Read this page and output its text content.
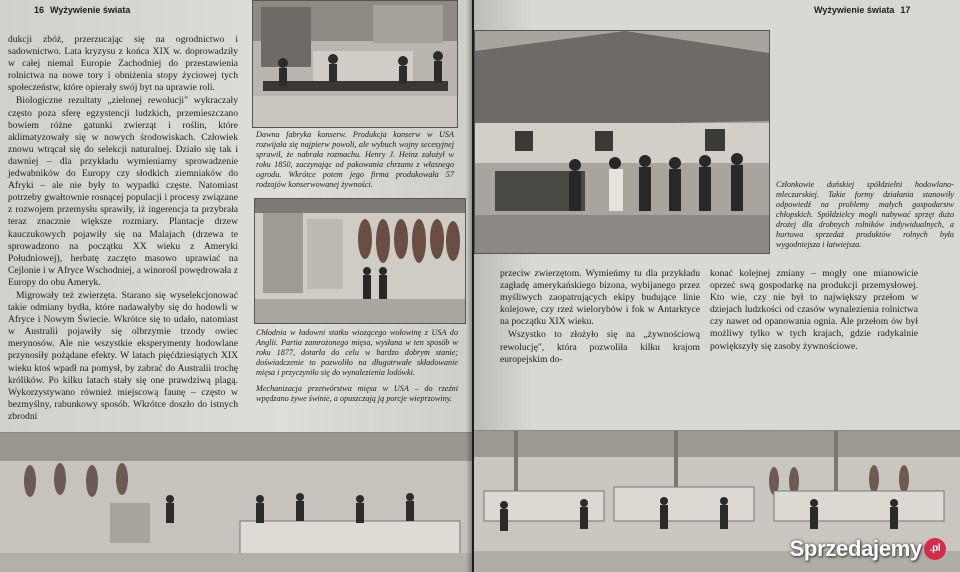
16 Wyżywienie świata

dukcji zbóż, przerzucając się na ogrodnictwo i sadownictwo. Lata kryzysu z końca XIX w. doprowadziły w całej niemal Europie Zachodniej do przestawienia rolnictwa na nowe tory i obniżenia stopy życiowej tych społeczeństw, które opierały swój byt na uprawie roli.

Biologiczne rezultaty „zielonej rewolucji" wykraczały często poza sferę egzystencji ludzkich, przemieszczano bowiem różne gatunki zwierząt i roślin, które aklimatyzowały się w nowych środowiskach. Człowiek znowu wtrącał się do selekcji naturalnej. Działo się tak i dawniej – dla przykładu wymieniamy sprowadzenie jedwabników do Europy czy słodkich ziemniaków do Afryki – ale nie były to wypadki częste. Natomiast potrzeby gwałtownie rosnącej populacji i procesy związane z rozwojem przemysłu sprawiły, iż ingerencja ta przybrała teraz znacznie większe rozmiary. Plantacje drzew kauczukowych pojawiły się na Malajach (drzewa te sprowadzono na początku XX wieku z Ameryki Południowej), herbatę zaczęto masowo uprawiać na Cejlonie i w Afryce Wschodniej, a winorośl powędrowała z Europy do obu Ameryk.

Migrowały też zwierzęta. Starano się wyselekcjonować takie odmiany bydła, które nadawałyby się do hodowli w Afryce i Nowym Świecie. Wkrótce się to udało, natomiast w Australii pojawiły się olbrzymie trzody owiec merynosów. Ale nie wszystkie eksperymenty hodowlane przynosiły pożądane efekty. W latach pięćdziesiątych XIX wieku ktoś wpadł na pomysł, by zabrać do Australii trochę królików. Po kilku latach stały się one prawdziwą plagą. Wykorzystywano również miejscową faunę – często w bezmyślny, rabunkowy sposób. Wkrótce doszło do istnych zbrodni

Dawna fabryka konserw. Produkcja konserw w USA rozwijała się najpierw powoli, ale wybuch wojny secesyjnej sprawił, że nabrała rozmachu. Henry J. Heinz założył w roku 1850, zaczynając od pakowania chrzanu z własnego ogrodu. Wkrótce potem jego firma produkowała 57 rodzajów konserwowanej żywności.
Chłodnia w ładowni statku wiozącego wołowinę z USA do Anglii. Partia zamrożonego mięsa, wysłana w ten sposób w roku 1877, dotarła do celu w bardzo dobrym stanie; doświadczenie to pozwoliło na długotrwałe składowanie mięsa i przyczyniło się do wynalezienia lodówki.
Mechanizacja przetwórstwa mięsa w USA – do rzeźni wpędzano żywe świnie, a opuszczają ją porcje wieprzowiny.
Wyżywienie świata 17
Członkowie duńskiej spółdzielni hodowlano-mleczarskiej. Takie formy działania stanowiły odpowiedź na problemy małych gospodarstw chłopskich. Spółdzielcy mogli nabywać sprzęt dużo drożej dla drobnych rolników indywidualnych, a hurtowa sprzedaż produktów rolnych była wygodniejsza i łatwiejsza.

przeciw zwierzętom. Wymieńmy tu dla przykładu zagładę amerykańskiego bizona, wybijanego przez myśliwych zaopatrujących ekipy budujące linie kolejowe, czy rzeź wielorybów i fok w Antarktyce na początku XIX wieku.

Wszystko to złożyło się na „żywnościową rewolucję", która pozwoliła kilku krajom europejskim do-

konać kolejnej zmiany – mogły one mianowicie oprzeć swą gospodarkę na produkcji przemysłowej. Kto wie, czy nie był to największy przełom w dziejach ludzkości od czasów wynalezienia rolnictwa czy nawet od opanowania ognia. Ale przełom ów był możliwy tylko w tych krajach, gdzie radykalnie powiększyły się zasoby żywnościowe.

Sprzedajemy .pl
